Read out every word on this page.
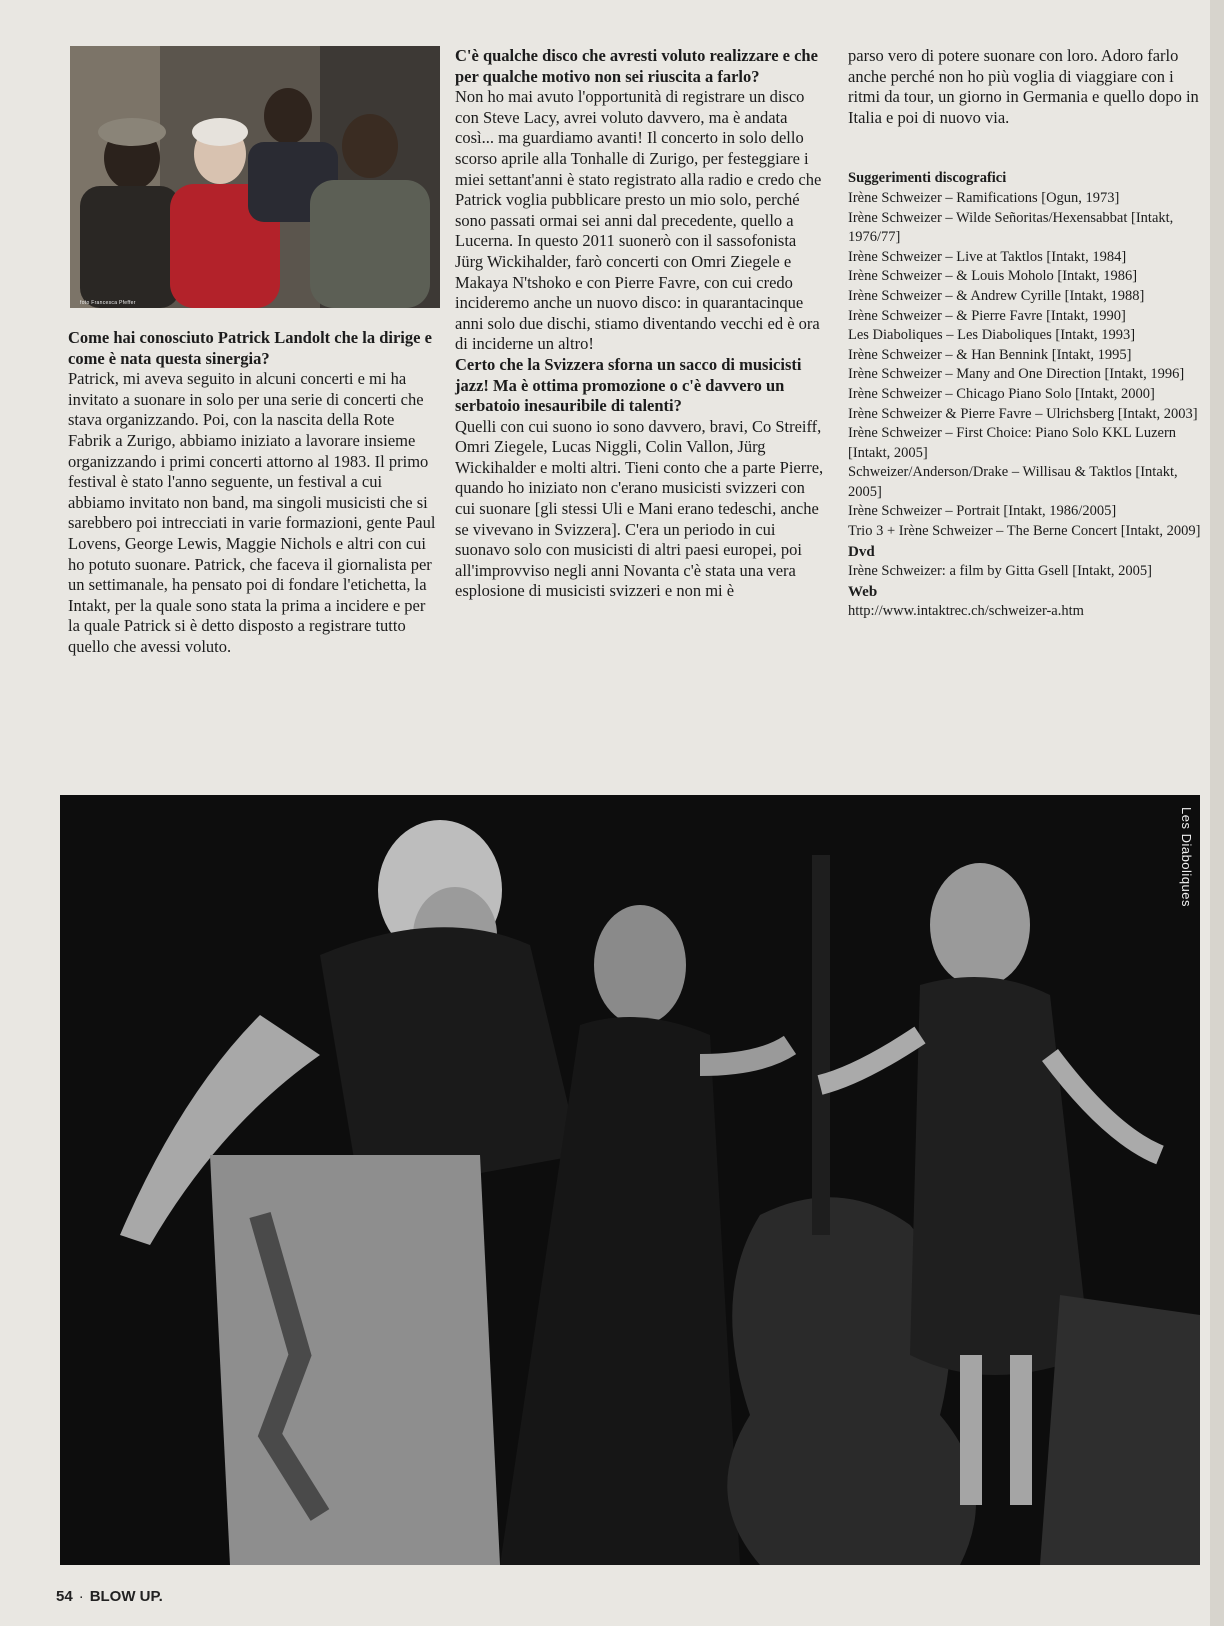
foto Francesca Pfeffer

Come hai conosciuto Patrick Landolt che la dirige e come è nata questa sinergia?

Patrick, mi aveva seguito in alcuni concerti e mi ha invitato a suonare in solo per una serie di concerti che stava organizzando. Poi, con la nascita della Rote Fabrik a Zurigo, abbiamo iniziato a lavorare insieme organizzando i primi concerti attorno al 1983. Il primo festival è stato l'anno seguente, un festival a cui abbiamo invitato non band, ma singoli musicisti che si sarebbero poi intrecciati in varie formazioni, gente Paul Lovens, George Lewis, Maggie Nichols e altri con cui ho potuto suonare. Patrick, che faceva il giornalista per un settimanale, ha pensato poi di fondare l'etichetta, la Intakt, per la quale sono stata la prima a incidere e per la quale Patrick si è detto disposto a registrare tutto quello che avessi voluto.

C'è qualche disco che avresti voluto realizzare e che per qualche motivo non sei riuscita a farlo?

Non ho mai avuto l'opportunità di registrare un disco con Steve Lacy, avrei voluto davvero, ma è andata così... ma guardiamo avanti! Il concerto in solo dello scorso aprile alla Tonhalle di Zurigo, per festeggiare i miei settant'anni è stato registrato alla radio e credo che Patrick voglia pubblicare presto un mio solo, perché sono passati ormai sei anni dal precedente, quello a Lucerna. In questo 2011 suonerò con il sassofonista Jürg Wickihalder, farò concerti con Omri Ziegele e Makaya N'tshoko e con Pierre Favre, con cui credo incideremo anche un nuovo disco: in quarantacinque anni solo due dischi, stiamo diventando vecchi ed è ora di inciderne un altro!

Certo che la Svizzera sforna un sacco di musicisti jazz! Ma è ottima promozione o c'è davvero un serbatoio inesauribile di talenti?

Quelli con cui suono io sono davvero, bravi, Co Streiff, Omri Ziegele, Lucas Niggli, Colin Vallon, Jürg Wickihalder e molti altri. Tieni conto che a parte Pierre, quando ho iniziato non c'erano musicisti svizzeri con cui suonare [gli stessi Uli e Mani erano tedeschi, anche se vivevano in Svizzera]. C'era un periodo in cui suonavo solo con musicisti di altri paesi europei, poi all'improvviso negli anni Novanta c'è stata una vera esplosione di musicisti svizzeri e non mi è

parso vero di potere suonare con loro. Adoro farlo anche perché non ho più voglia di viaggiare con i ritmi da tour, un giorno in Germania e quello dopo in Italia e poi di nuovo via.

Suggerimenti discografici

Irène Schweizer – Ramifications [Ogun, 1973]

Irène Schweizer – Wilde Señoritas/Hexensabbat [Intakt, 1976/77]

Irène Schweizer – Live at Taktlos [Intakt, 1984]

Irène Schweizer – & Louis Moholo [Intakt, 1986]

Irène Schweizer – & Andrew Cyrille [Intakt, 1988]

Irène Schweizer – & Pierre Favre [Intakt, 1990]

Les Diaboliques – Les Diaboliques [Intakt, 1993]

Irène Schweizer – & Han Bennink [Intakt, 1995]

Irène Schweizer – Many and One Direction [Intakt, 1996]

Irène Schweizer – Chicago Piano Solo [Intakt, 2000]

Irène Schweizer & Pierre Favre – Ulrichsberg [Intakt, 2003]

Irène Schweizer – First Choice: Piano Solo KKL Luzern [Intakt, 2005]

Schweizer/Anderson/Drake – Willisau & Taktlos [Intakt, 2005]

Irène Schweizer – Portrait [Intakt, 1986/2005]

Trio 3 + Irène Schweizer – The Berne Concert [Intakt, 2009]

Dvd

Irène Schweizer: a film by Gitta Gsell [Intakt, 2005]

Web

http://www.intaktrec.ch/schweizer-a.htm

Les Diaboliques
54 · BLOW UP.
